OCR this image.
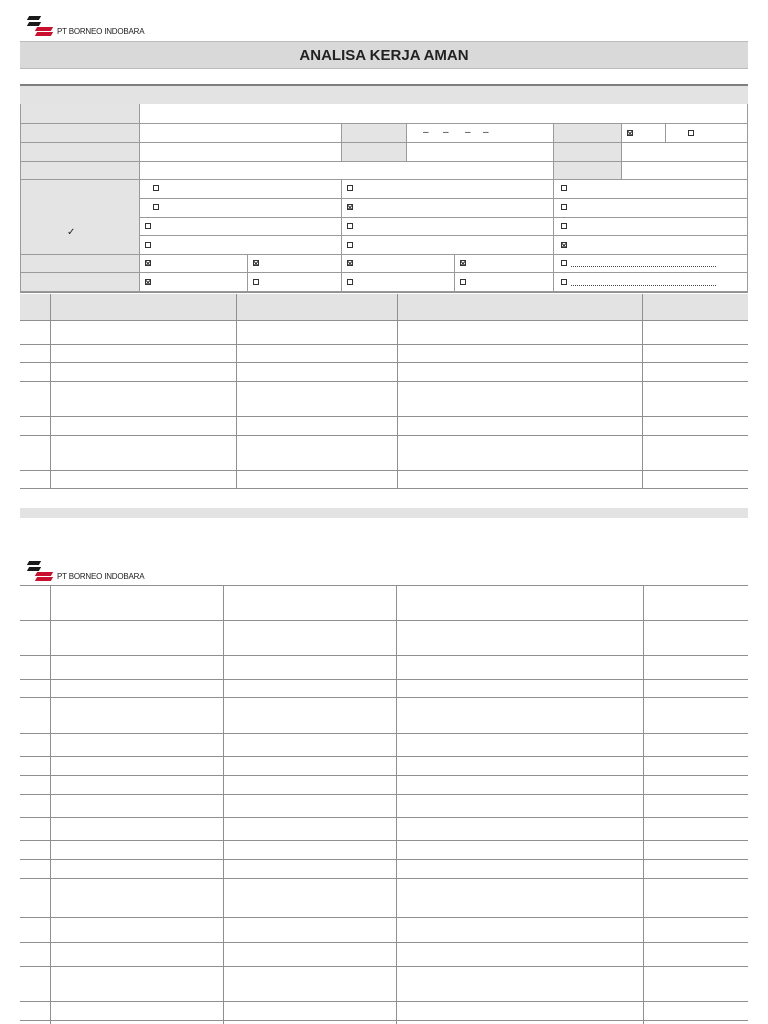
PT BORNEO INDOBARA
ANALISA KERJA AMAN
– – – –
✓
PT BORNEO INDOBARA
